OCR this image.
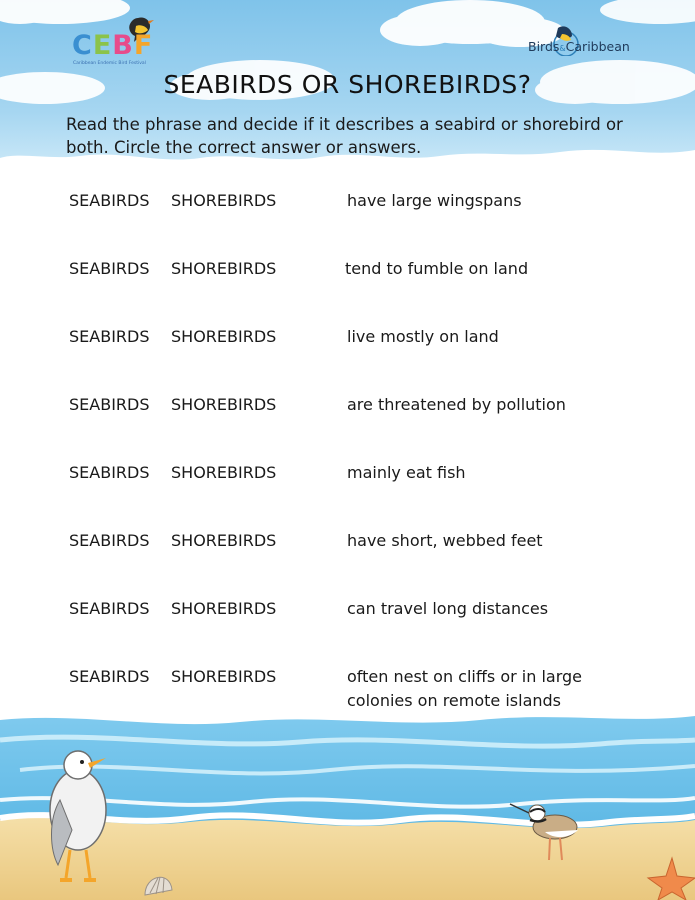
CEBF
Caribbean Endemic Bird Festival
Birds&Caribbean
SEABIRDS OR SHOREBIRDS?
Read the phrase and decide if it describes a seabird or shorebird or both. Circle the correct answer or answers.
SEABIRDS SHOREBIRDS	have large wingspans
SEABIRDS SHOREBIRDS	tend to fumble on land
SEABIRDS SHOREBIRDS	live mostly on land
SEABIRDS SHOREBIRDS	are threatened by pollution
SEABIRDS SHOREBIRDS	mainly eat fish
SEABIRDS SHOREBIRDS	have short, webbed feet
SEABIRDS SHOREBIRDS	can travel long distances
SEABIRDS SHOREBIRDS	often nest on cliffs or in large colonies on remote islands
